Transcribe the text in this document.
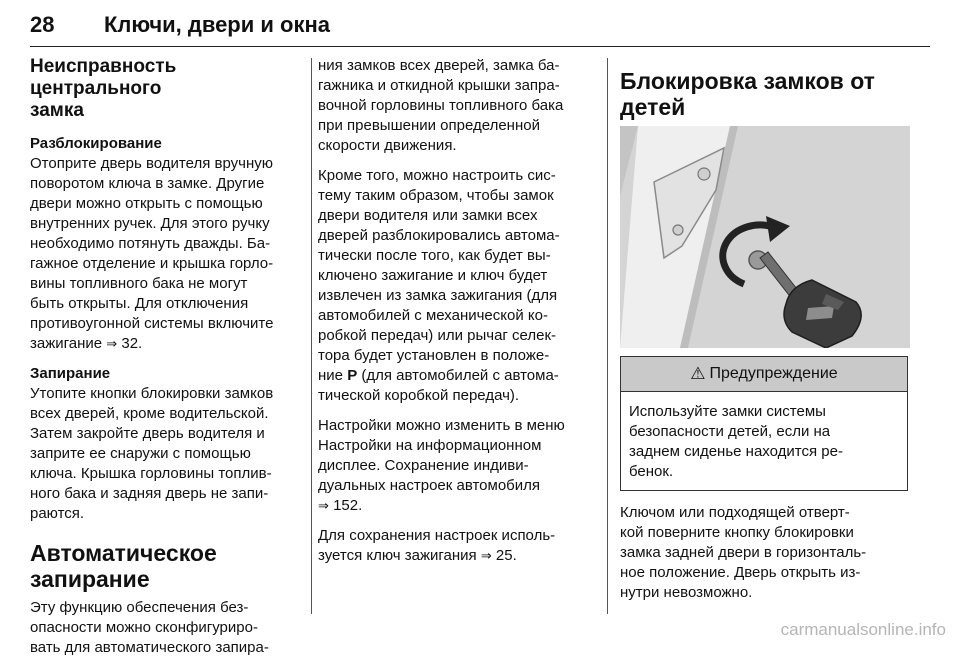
28 Ключи, двери и окна
Неисправность центрального
замка
Разблокирование
Отоприте дверь водителя вручную
поворотом ключа в замке. Другие
двери можно открыть с помощью
внутренних ручек. Для этого ручку
необходимо потянуть дважды. Ба-
гажное отделение и крышка горло-
вины топливного бака не могут
быть открыты. Для отключения
противоугонной системы включите
зажигание ⇒ 32.
Запирание
Утопите кнопки блокировки замков
всех дверей, кроме водительской.
Затем закройте дверь водителя и
заприте ее снаружи с помощью
ключа. Крышка горловины топлив-
ного бака и задняя дверь не запи-
раются.
Автоматическое
запирание
Эту функцию обеспечения без-
опасности можно сконфигуриро-
вать для автоматического запира-
ния замков всех дверей, замка ба-
гажника и откидной крышки запра-
вочной горловины топливного бака
при превышении определенной
скорости движения.
Кроме того, можно настроить сис-
тему таким образом, чтобы замок
двери водителя или замки всех
дверей разблокировались автома-
тически после того, как будет вы-
ключено зажигание и ключ будет
извлечен из замка зажигания (для
автомобилей с механической ко-
робкой передач) или рычаг селек-
тора будет установлен в положе-
ние P (для автомобилей с автома-
тической коробкой передач).
Настройки можно изменить в меню
Настройки на информационном
дисплее. Сохранение индиви-
дуальных настроек автомобиля
⇒ 152.
Для сохранения настроек исполь-
зуется ключ зажигания ⇒ 25.
Блокировка замков от
детей
⚠ Предупреждение
Используйте замки системы
безопасности детей, если на
заднем сиденье находится ре-
бенок.
Ключом или подходящей отверт-
кой поверните кнопку блокировки
замка задней двери в горизонталь-
ное положение. Дверь открыть из-
нутри невозможно.
carmanualsonline.info
